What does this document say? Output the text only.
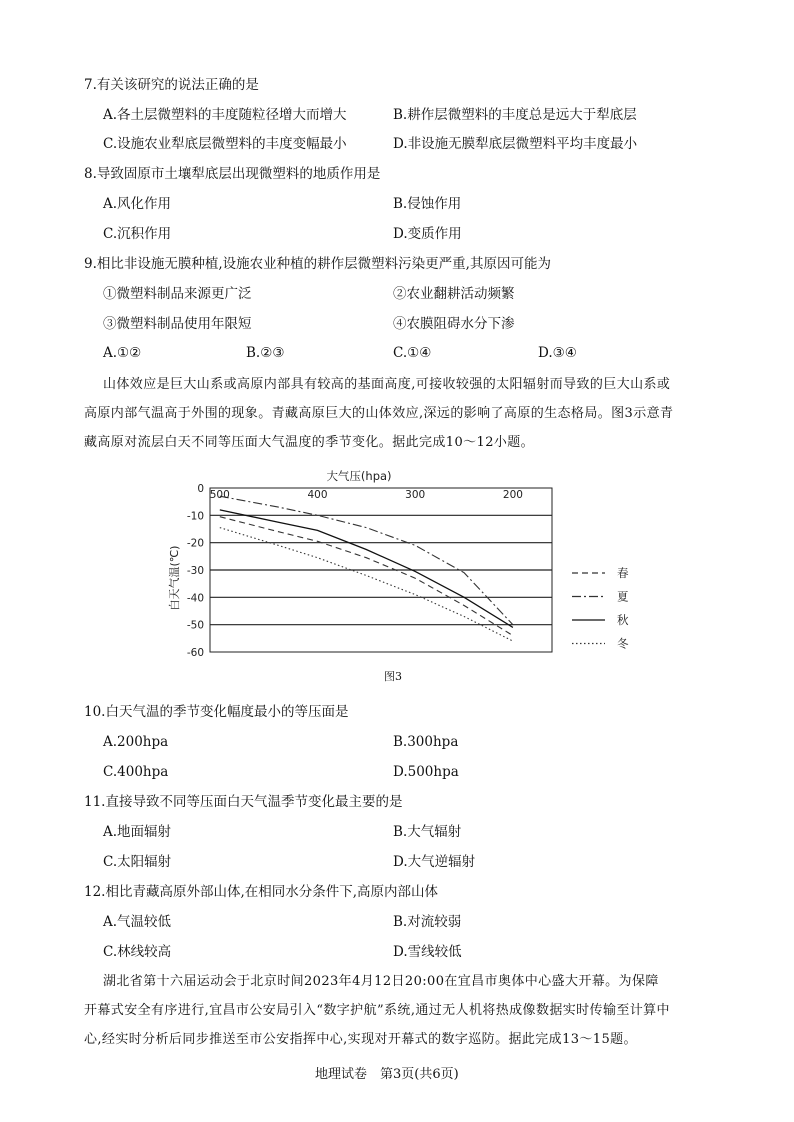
7.有关该研究的说法正确的是
A.各土层微塑料的丰度随粒径增大而增大	B.耕作层微塑料的丰度总是远大于犁底层
C.设施农业犁底层微塑料的丰度变幅最小	D.非设施无膜犁底层微塑料平均丰度最小
8.导致固原市土壤犁底层出现微塑料的地质作用是
A.风化作用	B.侵蚀作用
C.沉积作用	D.变质作用
9.相比非设施无膜种植,设施农业种植的耕作层微塑料污染更严重,其原因可能为
①微塑料制品来源更广泛	②农业翻耕活动频繁
③微塑料制品使用年限短	④农膜阻碍水分下渗
A.①②	B.②③	C.①④	D.③④
山体效应是巨大山系或高原内部具有较高的基面高度,可接收较强的太阳辐射而导致的巨大山系或
高原内部气温高于外围的现象。青藏高原巨大的山体效应,深远的影响了高原的生态格局。图3示意青
藏高原对流层白天不同等压面大气温度的季节变化。据此完成10～12小题。
0
-10
-20
-30
-40
-50
-60
500	400	300	200
大气压(hpa)
白天气温(℃)	春
夏
秋
冬
图3
10.白天气温的季节变化幅度最小的等压面是
A.200hpa	B.300hpa
C.400hpa	D.500hpa
11.直接导致不同等压面白天气温季节变化最主要的是
A.地面辐射	B.大气辐射
C.太阳辐射	D.大气逆辐射
12.相比青藏高原外部山体,在相同水分条件下,高原内部山体
A.气温较低	B.对流较弱
C.林线较高	D.雪线较低
湖北省第十六届运动会于北京时间2023年4月12日20:00在宜昌市奥体中心盛大开幕。为保障
开幕式安全有序进行,宜昌市公安局引入“数字护航”系统,通过无人机将热成像数据实时传输至计算中
心,经实时分析后同步推送至市公安指挥中心,实现对开幕式的数字巡防。据此完成13～15题。
地理试卷　第3页(共6页)
